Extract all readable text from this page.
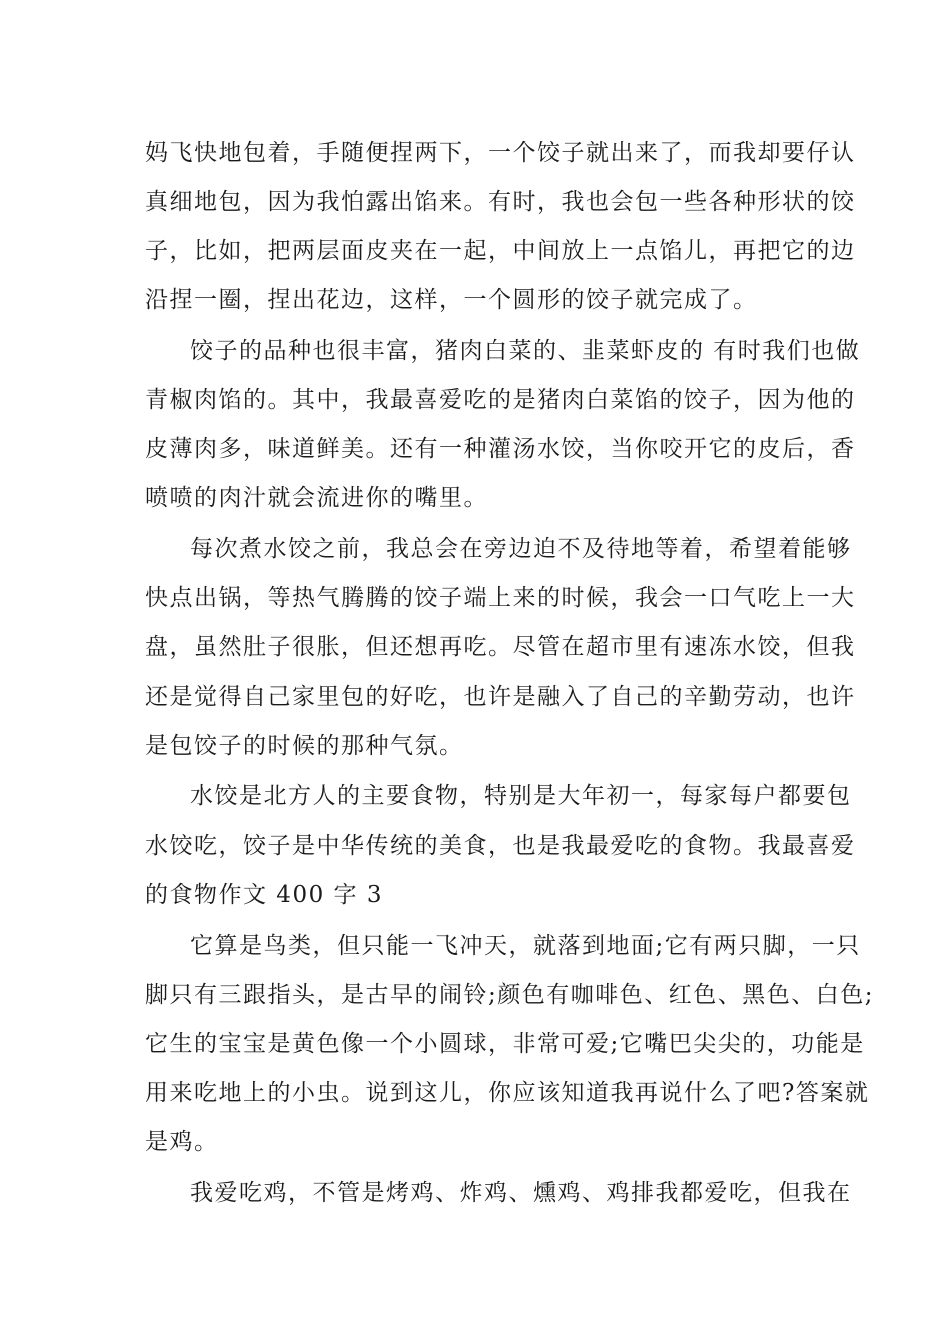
妈飞快地包着，手随便捏两下，一个饺子就出来了，而我却要仔认

真细地包，因为我怕露出馅来。有时，我也会包一些各种形状的饺

子，比如，把两层面皮夹在一起，中间放上一点馅儿，再把它的边

沿捏一圈，捏出花边，这样，一个圆形的饺子就完成了。

饺子的品种也很丰富，猪肉白菜的、韭菜虾皮的 有时我们也做

青椒肉馅的。其中，我最喜爱吃的是猪肉白菜馅的饺子，因为他的

皮薄肉多，味道鲜美。还有一种灌汤水饺，当你咬开它的皮后，香

喷喷的肉汁就会流进你的嘴里。

每次煮水饺之前，我总会在旁边迫不及待地等着，希望着能够

快点出锅，等热气腾腾的饺子端上来的时候，我会一口气吃上一大

盘，虽然肚子很胀，但还想再吃。尽管在超市里有速冻水饺，但我

还是觉得自己家里包的好吃，也许是融入了自己的辛勤劳动，也许

是包饺子的时候的那种气氛。

水饺是北方人的主要食物，特别是大年初一，每家每户都要包

水饺吃，饺子是中华传统的美食，也是我最爱吃的食物。我最喜爱

的食物作文 400 字 3

它算是鸟类，但只能一飞冲天，就落到地面;它有两只脚，一只

脚只有三跟指头，是古早的闹铃;颜色有咖啡色、红色、黑色、白色;

它生的宝宝是黄色像一个小圆球，非常可爱;它嘴巴尖尖的，功能是

用来吃地上的小虫。说到这儿，你应该知道我再说什么了吧?答案就

是鸡。

我爱吃鸡，不管是烤鸡、炸鸡、燻鸡、鸡排我都爱吃，但我在
